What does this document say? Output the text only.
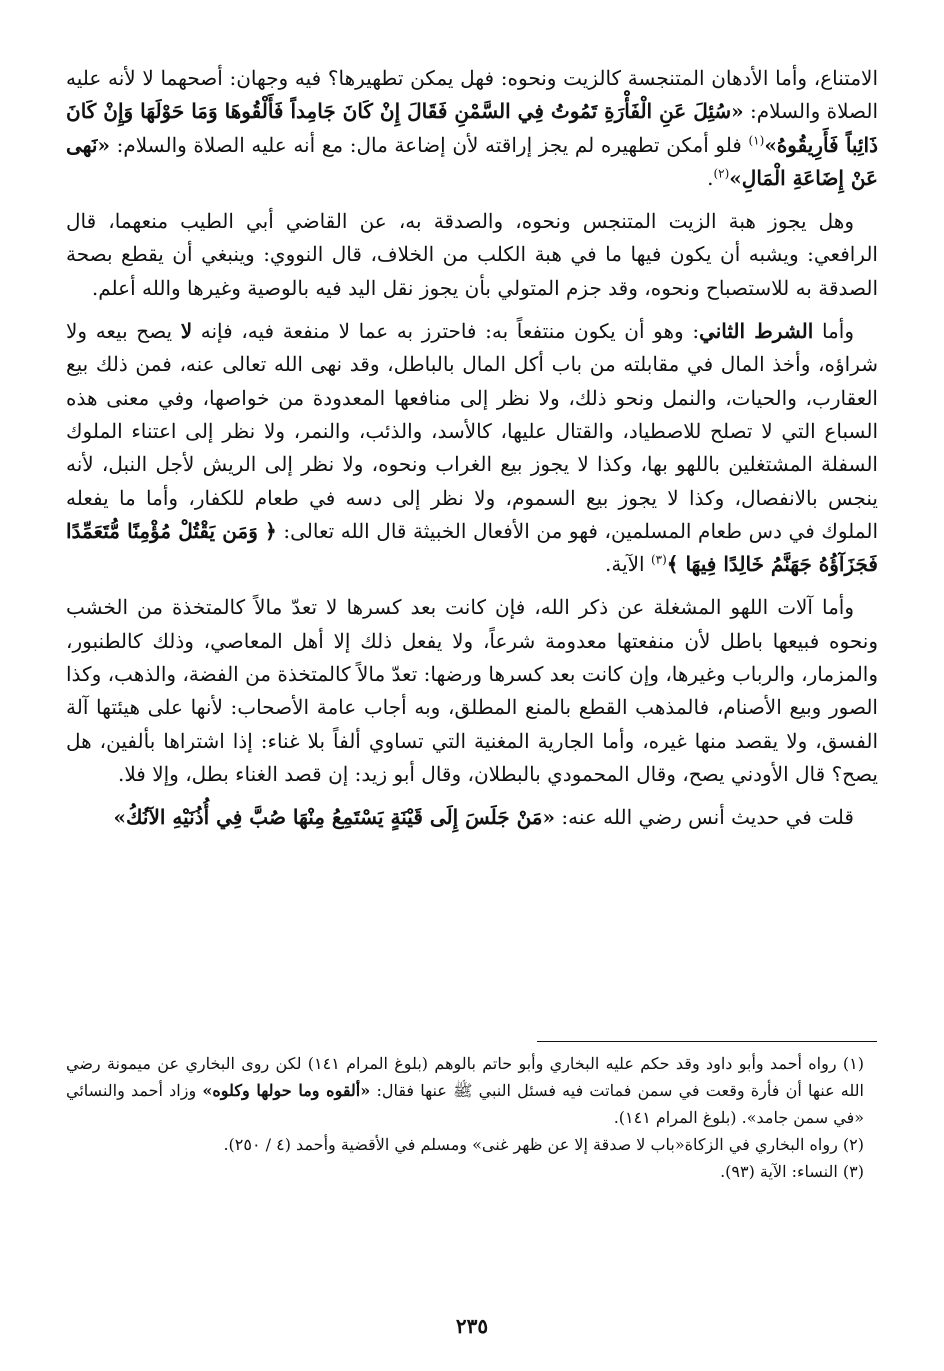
الامتناع، وأما الأدهان المتنجسة كالزيت ونحوه: فهل يمكن تطهيرها؟ فيه وجهان: أصحهما لا لأنه عليه الصلاة والسلام: «سُئِلَ عَنِ الْفَأْرَةِ تَمُوتُ فِي السَّمْنِ فَقَالَ إِنْ كَانَ جَامِداً فَأَلْقُوهَا وَمَا حَوْلَهَا وَإِنْ كَانَ ذَائِباً فَأَرِيقُوهُ»$^{(١)}$ فلو أمكن تطهيره لم يجز إراقته لأن إضاعة مال: مع أنه عليه الصلاة والسلام: «نَهى عَنْ إِضَاعَةِ الْمَالِ»$^{(٢)}$.

وهل يجوز هبة الزيت المتنجس ونحوه، والصدقة به، عن القاضي أبي الطيب منعهما، قال الرافعي: ويشبه أن يكون فيها ما في هبة الكلب من الخلاف، قال النووي: وينبغي أن يقطع بصحة الصدقة به للاستصباح ونحوه، وقد جزم المتولي بأن يجوز نقل اليد فيه بالوصية وغيرها والله أعلم.

وأما الشرط الثاني: وهو أن يكون منتفعاً به: فاحترز به عما لا منفعة فيه، فإنه لا يصح بيعه ولا شراؤه، وأخذ المال في مقابلته من باب أكل المال بالباطل، وقد نهى الله تعالى عنه، فمن ذلك بيع العقارب، والحيات، والنمل ونحو ذلك، ولا نظر إلى منافعها المعدودة من خواصها، وفي معنى هذه السباع التي لا تصلح للاصطياد، والقتال عليها، كالأسد، والذئب، والنمر، ولا نظر إلى اعتناء الملوك السفلة المشتغلين باللهو بها، وكذا لا يجوز بيع الغراب ونحوه، ولا نظر إلى الريش لأجل النبل، لأنه ينجس بالانفصال، وكذا لا يجوز بيع السموم، ولا نظر إلى دسه في طعام للكفار، وأما ما يفعله الملوك في دس طعام المسلمين، فهو من الأفعال الخبيثة قال الله تعالى: ﴿ وَمَن يَقْتُلْ مُؤْمِنًا مُّتَعَمِّدًا فَجَزَآؤُهُ جَهَنَّمُ خَالِدًا فِيهَا ﴾$^{(٣)}$ الآية.

وأما آلات اللهو المشغلة عن ذكر الله، فإن كانت بعد كسرها لا تعدّ مالاً كالمتخذة من الخشب ونحوه فبيعها باطل لأن منفعتها معدومة شرعاً، ولا يفعل ذلك إلا أهل المعاصي، وذلك كالطنبور، والمزمار، والرباب وغيرها، وإن كانت بعد كسرها ورضها: تعدّ مالاً كالمتخذة من الفضة، والذهب، وكذا الصور وبيع الأصنام، فالمذهب القطع بالمنع المطلق، وبه أجاب عامة الأصحاب: لأنها على هيئتها آلة الفسق، ولا يقصد منها غيره، وأما الجارية المغنية التي تساوي ألفاً بلا غناء: إذا اشتراها بألفين، هل يصح؟ قال الأودني يصح، وقال المحمودي بالبطلان، وقال أبو زيد: إن قصد الغناء بطل، وإلا فلا.

قلت في حديث أنس رضي الله عنه: «مَنْ جَلَسَ إِلَى قَيْنَةٍ يَسْتَمِعُ مِنْهَا صُبَّ فِي أُذُنَيْهِ الآنُكُ»

(١) رواه أحمد وأبو داود وقد حكم عليه البخاري وأبو حاتم بالوهم (بلوغ المرام ١٤١) لكن روى البخاري عن ميمونة رضي الله عنها أن فأرة وقعت في سمن فماتت فيه فسئل النبي ﷺ عنها فقال: «ألقوه وما حولها وكلوه» وزاد أحمد والنسائي «في سمن جامد». (بلوغ المرام ١٤١).

(٢) رواه البخاري في الزكاة«باب لا صدقة إلا عن ظهر غنى» ومسلم في الأقضية وأحمد (٤ / ٢٥٠).

(٣) النساء: الآية (٩٣).

٢٣٥
